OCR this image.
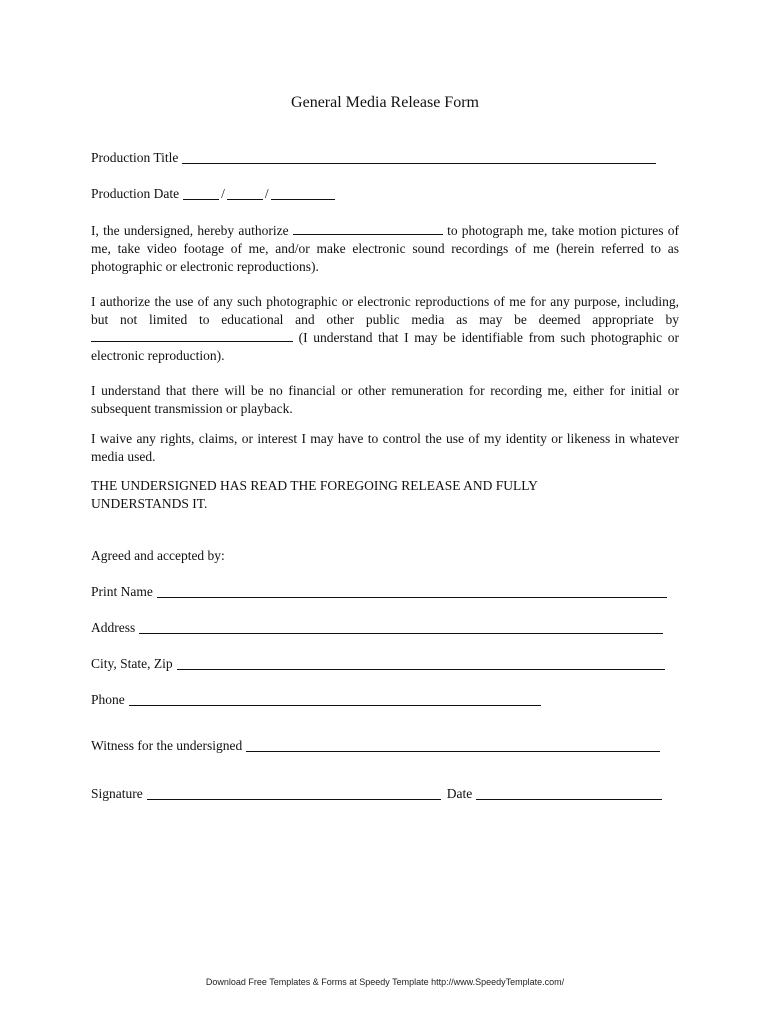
General Media Release Form
Production Title
Production Date	/	/
I, the undersigned, hereby authorize	to photograph me, take motion pictures of me, take video footage of me, and/or make electronic sound recordings of me (herein referred to as photographic or electronic reproductions).
I authorize the use of any such photographic or electronic reproductions of me for any purpose, including, but not limited to educational and other public media as may be deemed appropriate by  (I understand that I may be identifiable from such photographic or electronic reproduction).
I understand that there will be no financial or other remuneration for recording me, either for initial or subsequent transmission or playback.
I waive any rights, claims, or interest I may have to control the use of my identity or likeness in whatever media used.
THE UNDERSIGNED HAS READ THE FOREGOING RELEASE AND FULLY UNDERSTANDS IT.
Agreed and accepted by:
Print Name
Address
City, State, Zip
Phone
Witness for the undersigned
Signature	Date
Download Free Templates & Forms at Speedy Template http://www.SpeedyTemplate.com/
